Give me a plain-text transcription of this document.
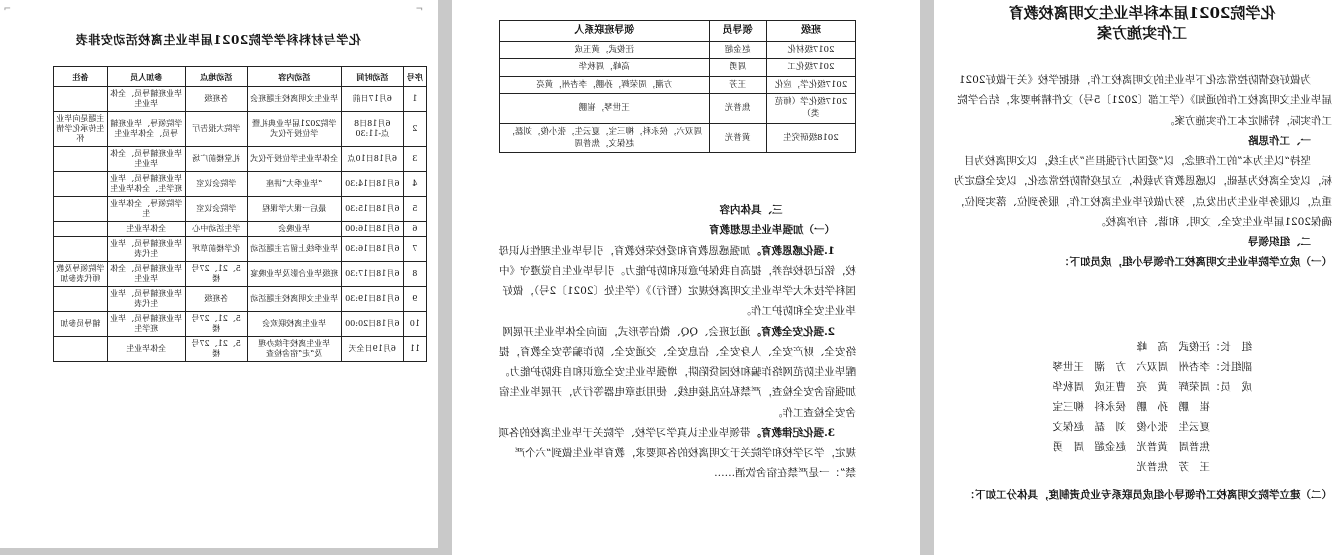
⌐	¬
化学与材料科学学院2021届毕业生离校活动安排表
序号	活动时间	活动内容	活动地点	参加人员	备注
1	6月17日前	毕业生文明离校主题班会	各班级	毕业班辅导员、全体毕业生	
2	6月18日8点-11:30	学院2021届毕业典礼暨学位授予仪式	学院大报告厅	学院领导、毕业班辅导员、全体毕业生	主题是向毕业生传承化学情怀
3	6月18日10点	全体毕业生学位授予仪式	礼堂楼前广场	毕业班辅导员、全体毕业生	
4	6月18日14:30	“毕业季大”讲座	学院会议室	毕业班辅导员、毕业班学生、全体毕业生	
5	6月18日15:30	最后一课大学课程	学院会议室	学院领导、全体毕业生	
6	6月18日16:00	毕业晚会	学生活动中心	全体毕业生	
7	6月18日16:30	毕业季线上留言主题活动	化学楼前草坪	毕业班辅导员、毕业生代表	
8	6月18日17:30	班级毕业合影及毕业晚宴	5、21、27号楼	毕业班辅导员、全体毕业生	学院领导及教师代表参加
9	6月18日19:30	毕业生文明离校主题活动	各班级	毕业班辅导员、毕业生代表	
10	6月18日20:00	毕业生离校联欢会	5、21、27号楼	毕业班辅导员、毕业班学生	辅导员参加
11	6月19日全天	毕业生离校手续办理及“走”宿舍检查	5、21、27号楼	全体毕业生	
班级	领导员	领导班联系人
2017级材化	赵金超	汪俊武，黄玉成
2017级化工	周勇	高峰，周秋华
2017级化学，应化	王芳	方潮，周荣辉，孙鹏，李杏州，黄亮
2017级化学（师范类）	焦普光	王世琴，崔鹏
2018级研究生	黄普光	周双六，侯永科，柳三宝，夏云生，张小俊，刘磊，赵保文，焦普周

三、具体内容

（一）加强毕业生思想教育

1.强化感恩教育。加强感恩教育和爱校荣校教育，引导毕业生理性认识母校，铭记母校培养，提高自我保护意识和防护能力。引导毕业生自觉遵守《中国科学技术大学毕业生文明离校规定（暂行）》（学生处〔2021〕2号），做好毕业生安全和防护工作。

2.强化安全教育。通过班会、QQ、微信等形式，面向全体毕业生开展网络安全、财产安全、人身安全、信息安全、交通安全、防诈骗等安全教育，提醒毕业生防范网络诈骗和校园贷陷阱，增强毕业生安全意识和自我防护能力。加强宿舍安全检查，严禁私拉乱接电线、使用违章电器等行为，开展毕业生宿舍安全检查工作。

3.强化纪律教育。带领毕业生认真学习学校、学院关于毕业生离校的各项规定，学习学校和学院关于文明离校的各项要求，教育毕业生做到“六个严禁”：一是严禁在宿舍饮酒……

化学院2021届本科毕业生文明离校教育
工作实施方案

为做好疫情防控常态化下毕业生的文明离校工作，根据学校《关于做好2021届毕业生文明离校工作的通知》（学工部〔2021〕5号）文件精神要求，结合学院工作实际，特制定本工作实施方案。

一、工作思路

坚持“以生为本”的工作理念，以“爱国力行强担当”为主线，以文明离校为目标，以安全离校为基础，以感恩教育为载体，立足疫情防控常态化，以安全稳定为重点，以服务毕业生为出发点，努力做好毕业生离校工作，服务到位、落实到位，确保2021届毕业生安全、文明、和谐、有序离校。

二、组织领导

（一）成立学院毕业生文明离校工作领导小组，成员如下：

组　长：汪俊武　高　峰
副组长：李杏州　周双六　方　潮　王世琴
成　员：周荣辉　黄　亮　曹玉成　周秋华
　　　　崔　鹏　孙　鹏　侯永科　柳三宝
　　　　夏云生　张小俊　刘　磊　赵保文
　　　　焦普周　黄普光　赵金超　周　勇
　　　　王　芳　焦普光

（二）建立学院文明离校工作领导小组成员联系专业负责制度，具体分工如下：
